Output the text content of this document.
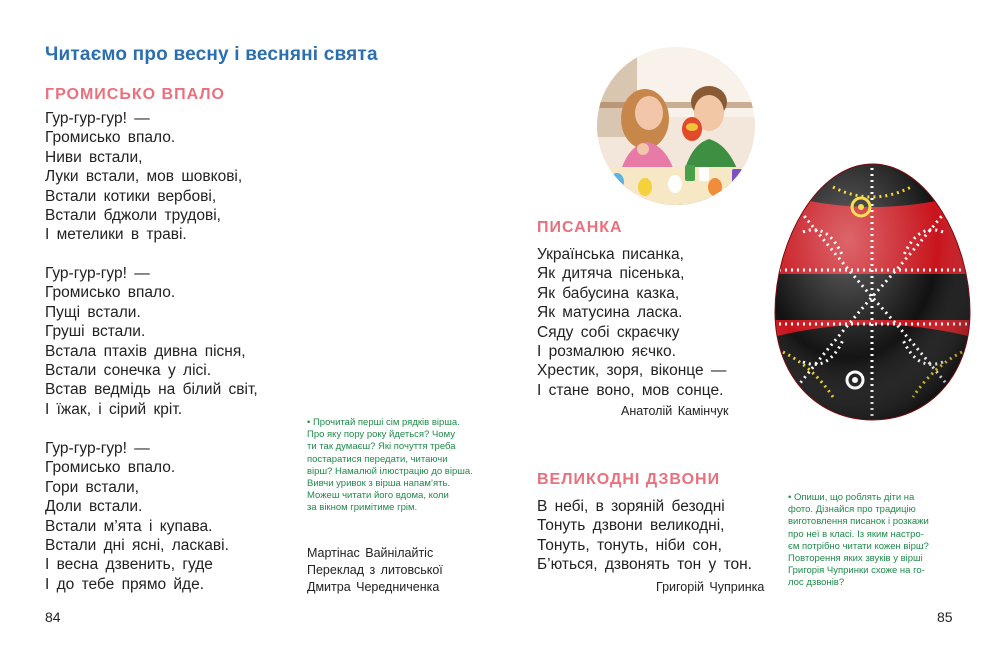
Читаємо про весну і весняні свята
ГРОМИСЬКО ВПАЛО
Гур-гур-гур! —
Громисько впало.
Ниви встали,
Луки встали, мов шовкові,
Встали котики вербові,
Встали бджоли трудові,
І метелики в траві.
Гур-гур-гур! —
Громисько впало.
Пущі встали.
Груші встали.
Встала птахів дивна пісня,
Встали сонечка у лісі.
Встав ведмідь на білий світ,
І їжак, і сірий кріт.
Гур-гур-гур! —
Громисько впало.
Гори встали,
Доли встали.
Встали м’ята і купава.
Встали дні ясні, ласкаві.
І весна дзвенить, гуде
І до тебе прямо йде.
• Прочитай перші сім рядків вірша.
Про яку пору року йдеться? Чому
ти так думаєш? Які почуття треба
постаратися передати, читаючи
вірш? Намалюй ілюстрацію до вірша.
Вивчи уривок з вірша напам’ять.
Можеш читати його вдома, коли
за вікном гримітиме грім.
Мартінас Вайнілайтіс
Переклад з литовської
Дмитра Чередниченка
84	85
ПИСАНКА
Українська писанка,
Як дитяча пісенька,
Як бабусина казка,
Як матусина ласка.
Сяду собі скраєчку
І розмалюю яєчко.
Хрестик, зоря, віконце —
І стане воно, мов сонце.
Анатолій Камінчук
ВЕЛИКОДНІ ДЗВОНИ
В небі, в зоряній безодні
Тонуть дзвони великодні,
Тонуть, тонуть, ніби сон,
Б’ються, дзвонять тон у тон.
Григорій Чупринка
• Опиши, що роблять діти на
фото. Дізнайся про традицію
виготовлення писанок і розкажи
про неї в класі. Із яким настро-
єм потрібно читати кожен вірш?
Повторення яких звуків у вірші
Григорія Чупринки схоже на го-
лос дзвонів?
